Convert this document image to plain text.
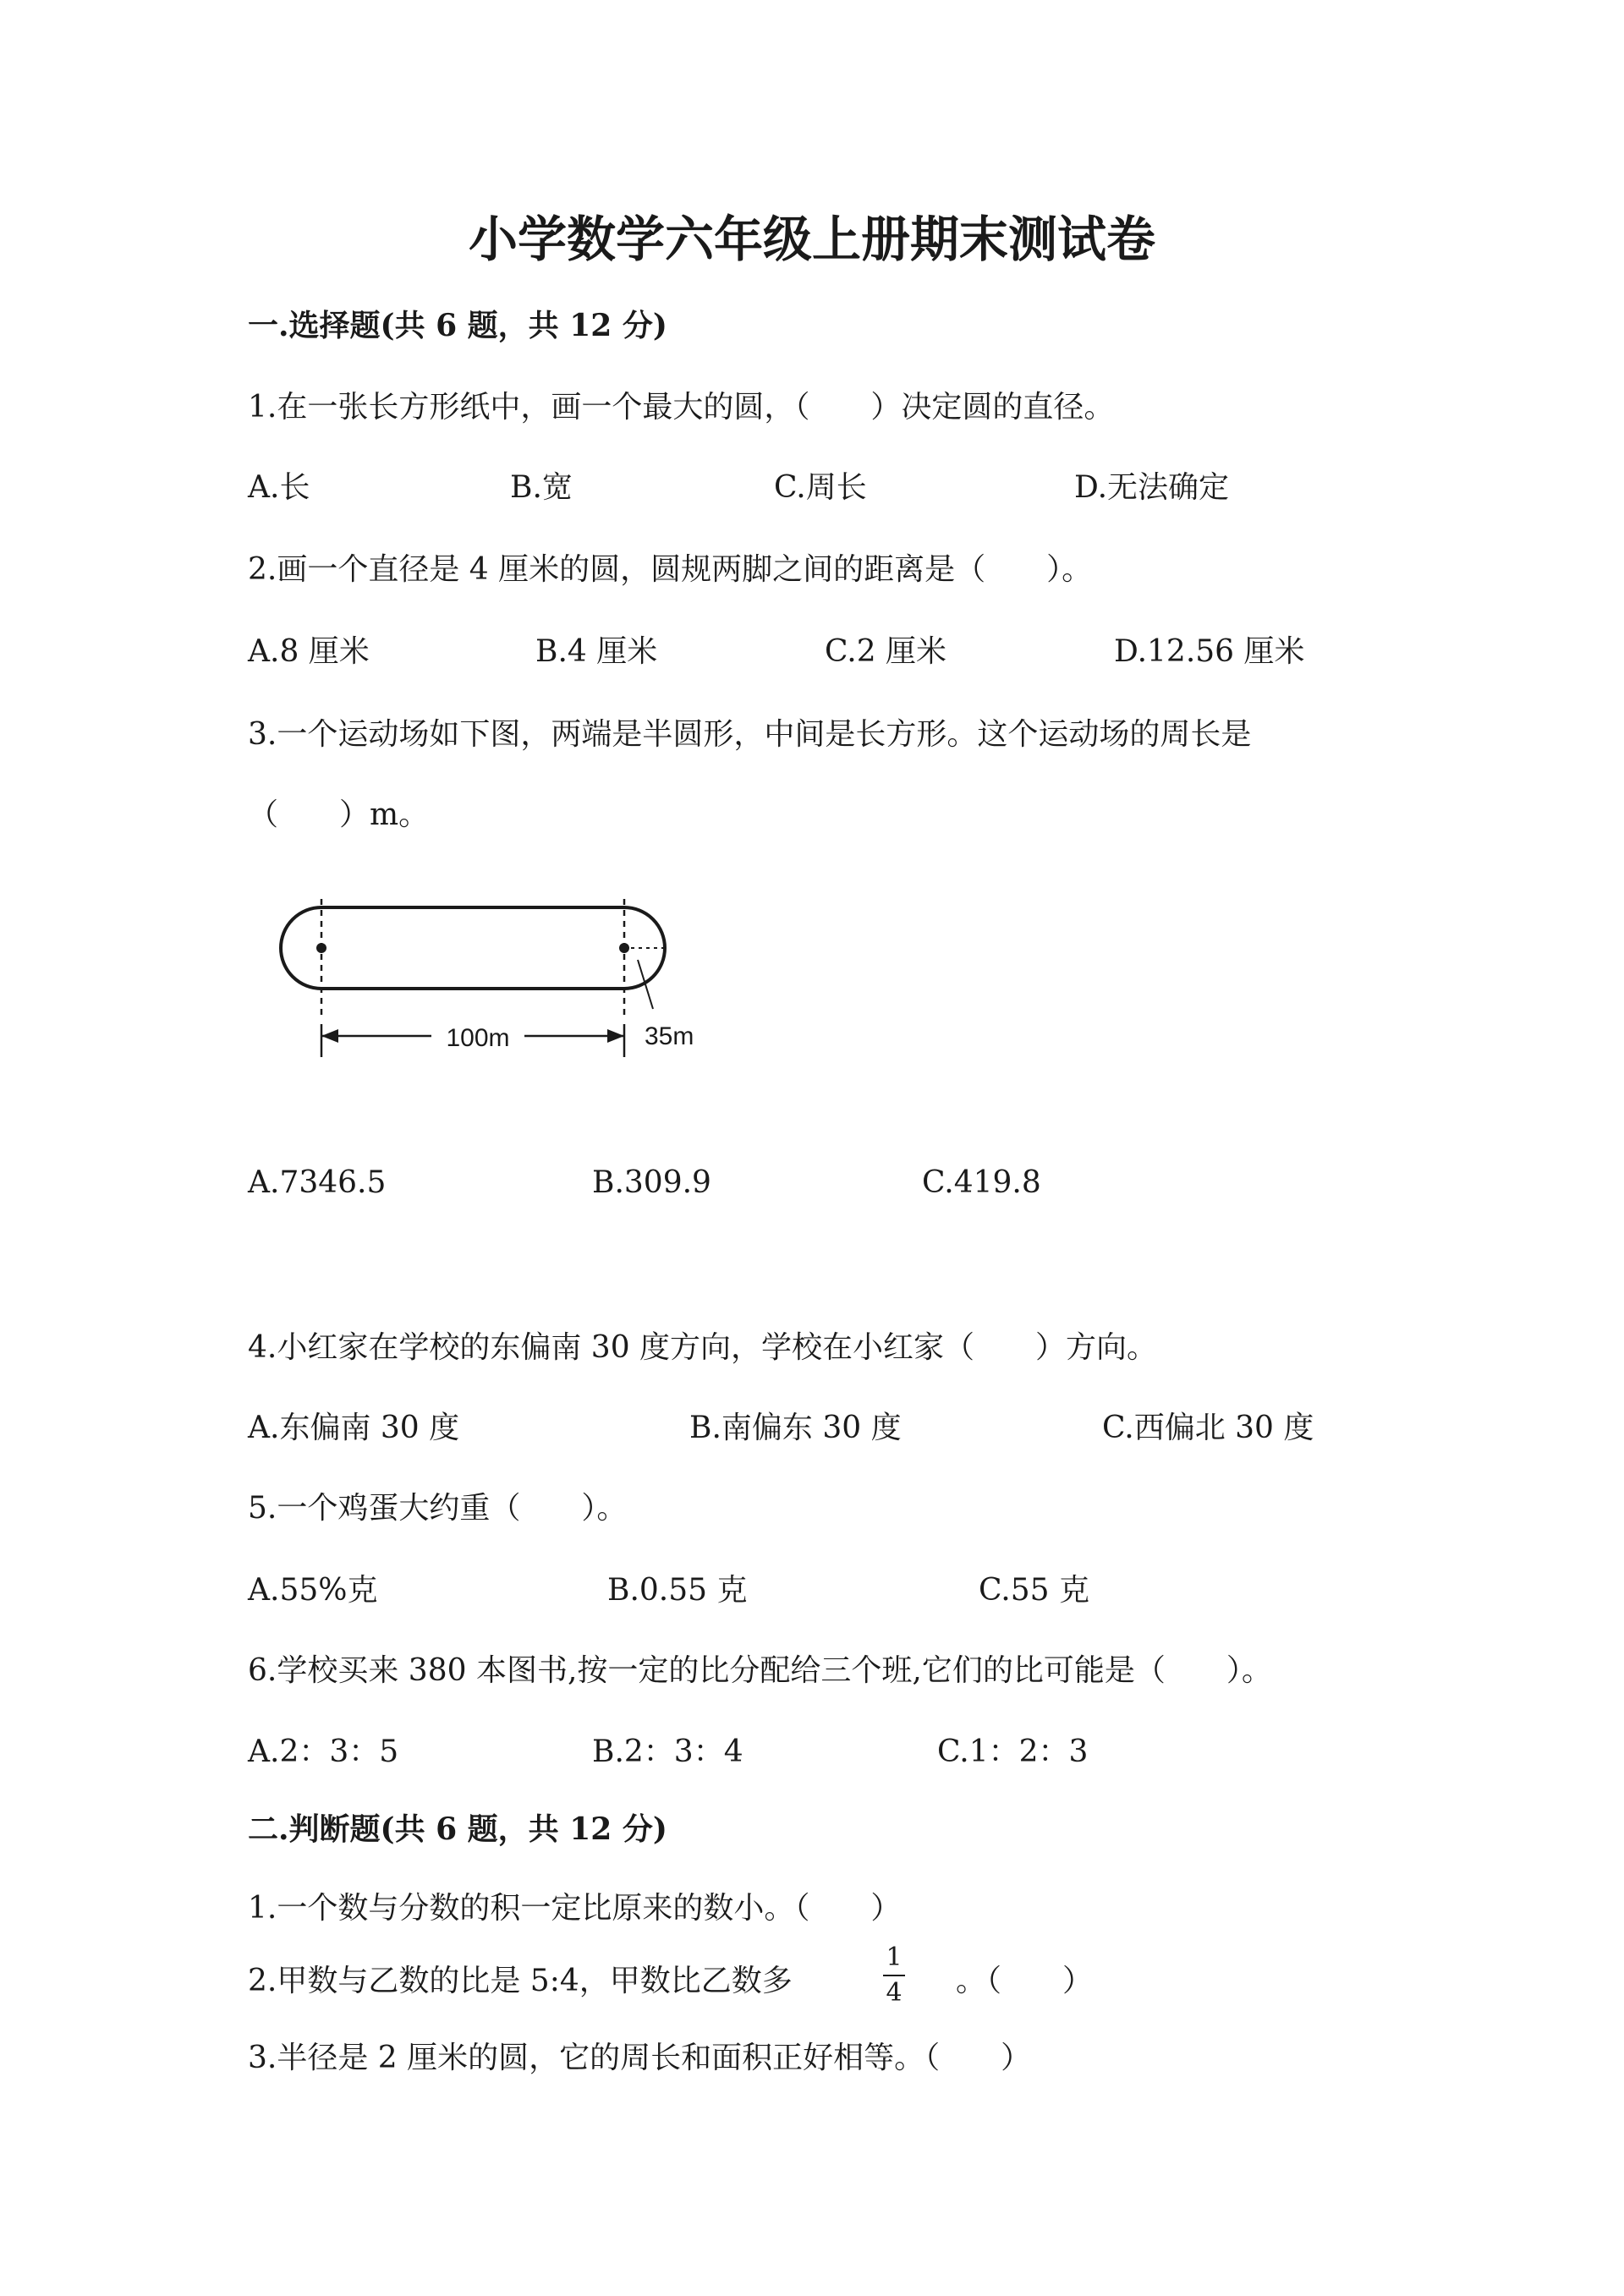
小学数学六年级上册期末测试卷
一.选择题(共 6 题，共 12 分)
1.在一张长方形纸中，画一个最大的圆，（　　）决定圆的直径。
A.长	B.宽	C.周长	D.无法确定
2.画一个直径是 4 厘米的圆，圆规两脚之间的距离是（　　）。
A.8 厘米	B.4 厘米	C.2 厘米	D.12.56 厘米
3.一个运动场如下图，两端是半圆形，中间是长方形。这个运动场的周长是
（　　）m。
100m	35m
A.7346.5	B.309.9	C.419.8
4.小红家在学校的东偏南 30 度方向，学校在小红家（　　）方向。
A.东偏南 30 度	B.南偏东 30 度	C.西偏北 30 度
5.一个鸡蛋大约重（　　）。
A.55%克	B.0.55 克	C.55 克
6.学校买来 380 本图书,按一定的比分配给三个班,它们的比可能是（　　）。
A.2：3：5	B.2：3：4	C.1：2：3
二.判断题(共 6 题，共 12 分)
1.一个数与分数的积一定比原来的数小。（　　）
2.甲数与乙数的比是 5:4，甲数比乙数多
1
4 。（　　）
3.半径是 2 厘米的圆，它的周长和面积正好相等。（　　）
